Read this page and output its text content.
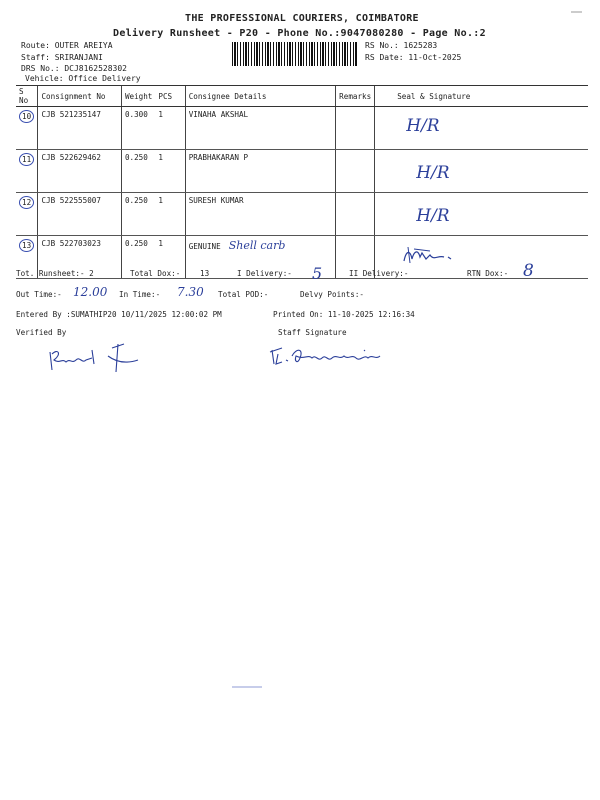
THE PROFESSIONAL COURIERS, COIMBATORE
Delivery Runsheet - P20 - Phone No.:9047080280 - Page No.:2
Route: OUTER AREIYA
Staff: SRIRANJANI
DRS No.: DCJ8162528302
Vehicle: Office Delivery
RS No.: 1625283
RS Date: 11-Oct-2025
S No	Consignment No	Weight	PCS	Consignee Details	Remarks	Seal & Signature
10	CJB 521235147	0.300	1	VINAHA AKSHAL		H/R
11	CJB 522629462	0.250	1	PRABHAKARAN P		H/R
12	CJB 522555007	0.250	1	SURESH KUMAR		H/R
13	CJB 522703023	0.250	1	GENUINE Shell carb		
Tot. Runsheet:- 2	Total Dox:-	13	I Delivery:- 5	II Delivery:-	RTN Dox:- 8
Out Time:- 12.00 In Time:- 7.30 Total POD:-	Delvy Points:-
Entered By :SUMATHIP20 10/11/2025 12:00:02 PM	Printed On: 11-10-2025 12:16:34
Verified By	Staff Signature
